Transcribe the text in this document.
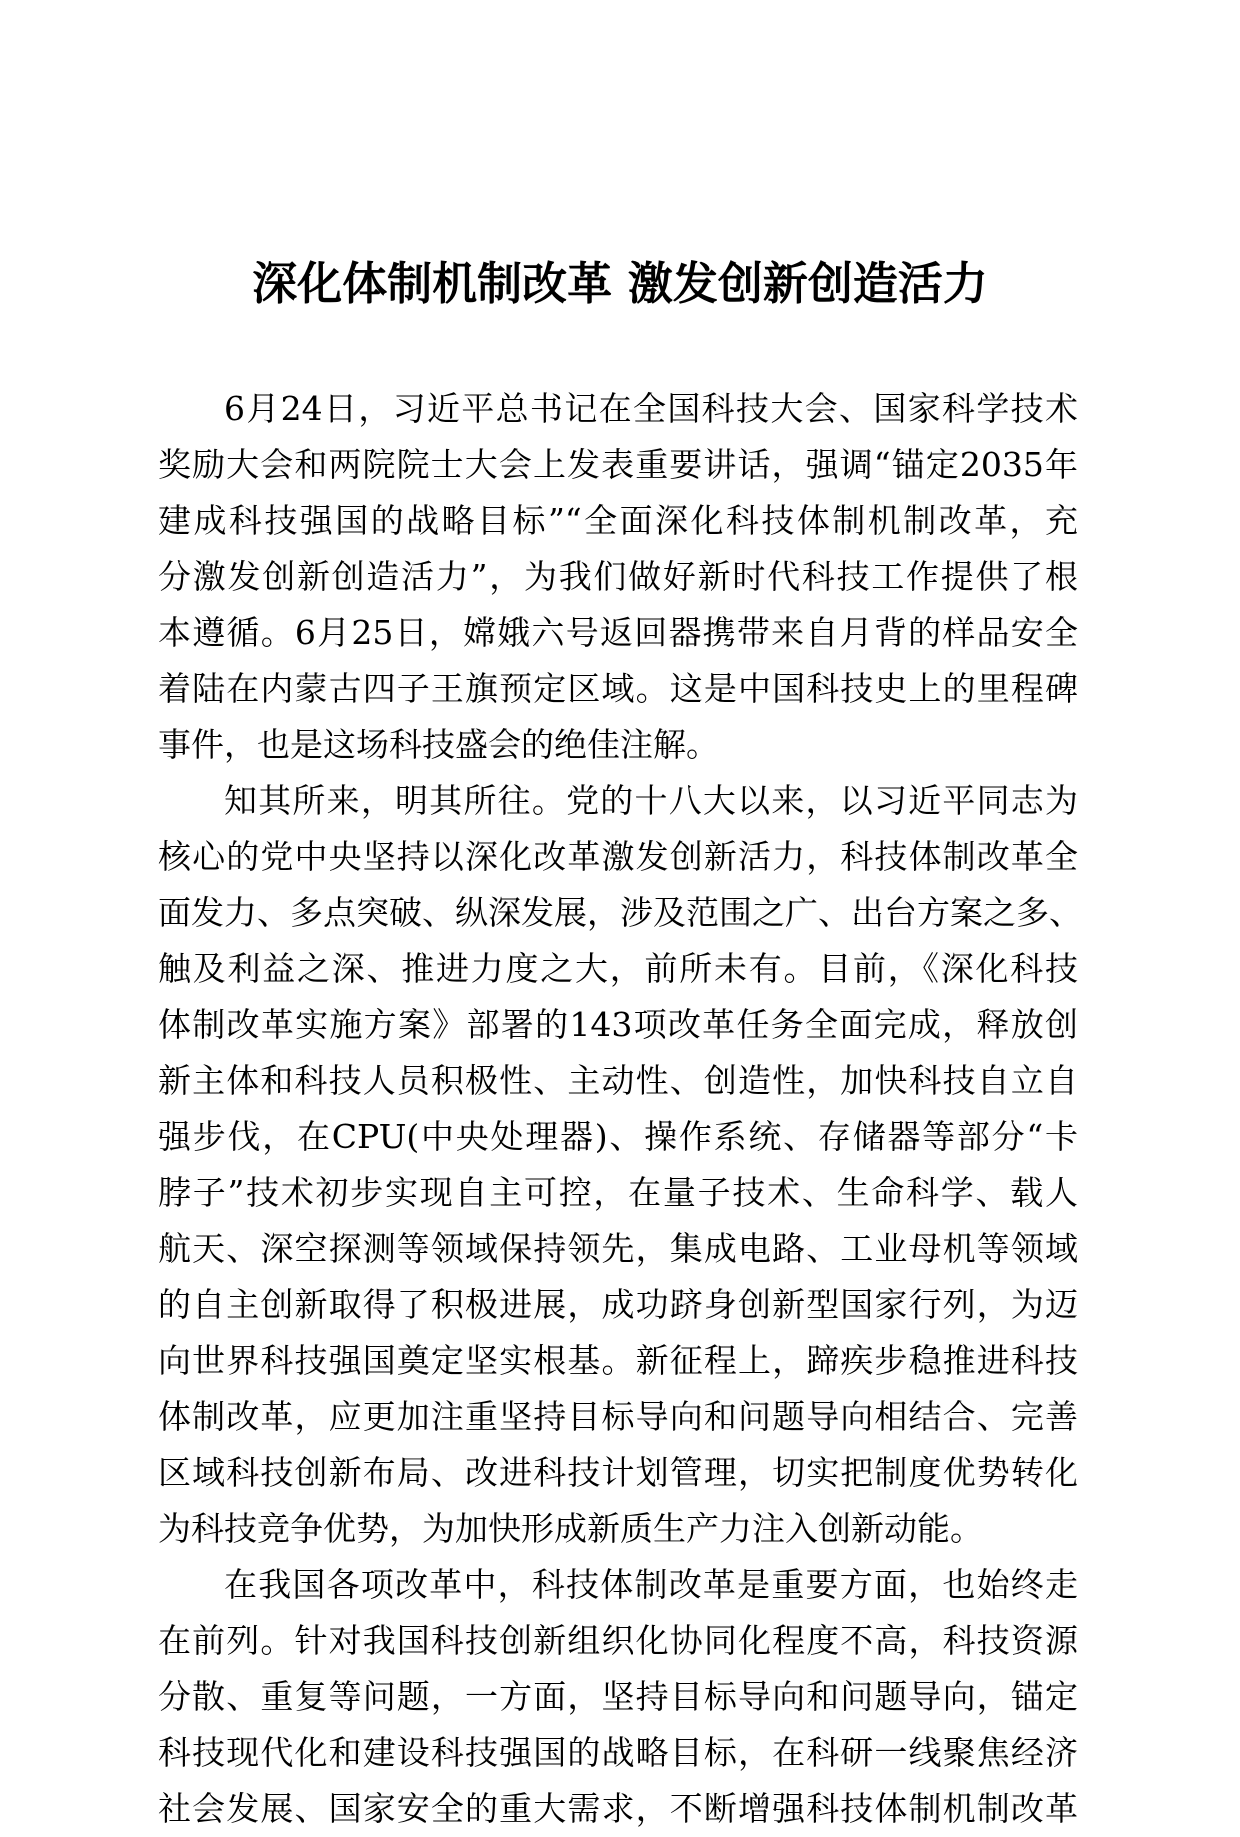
深化体制机制改革 激发创新创造活力
6月24日，习近平总书记在全国科技大会、国家科学技术
奖励大会和两院院士大会上发表重要讲话，强调“锚定2035年
建成科技强国的战略目标”“全面深化科技体制机制改革，充
分激发创新创造活力”，为我们做好新时代科技工作提供了根
本遵循。6月25日，嫦娥六号返回器携带来自月背的样品安全
着陆在内蒙古四子王旗预定区域。这是中国科技史上的里程碑
事件，也是这场科技盛会的绝佳注解。
知其所来，明其所往。党的十八大以来，以习近平同志为
核心的党中央坚持以深化改革激发创新活力，科技体制改革全
面发力、多点突破、纵深发展，涉及范围之广、出台方案之多、
触及利益之深、推进力度之大，前所未有。目前，《深化科技
体制改革实施方案》部署的143项改革任务全面完成，释放创
新主体和科技人员积极性、主动性、创造性，加快科技自立自
强步伐，在CPU(中央处理器)、操作系统、存储器等部分“卡
脖子”技术初步实现自主可控，在量子技术、生命科学、载人
航天、深空探测等领域保持领先，集成电路、工业母机等领域
的自主创新取得了积极进展，成功跻身创新型国家行列，为迈
向世界科技强国奠定坚实根基。新征程上，蹄疾步稳推进科技
体制改革，应更加注重坚持目标导向和问题导向相结合、完善
区域科技创新布局、改进科技计划管理，切实把制度优势转化
为科技竞争优势，为加快形成新质生产力注入创新动能。
在我国各项改革中，科技体制改革是重要方面，也始终走
在前列。针对我国科技创新组织化协同化程度不高，科技资源
分散、重复等问题，一方面，坚持目标导向和问题导向，锚定
科技现代化和建设科技强国的战略目标，在科研一线聚焦经济
社会发展、国家安全的重大需求，不断增强科技体制机制改革
